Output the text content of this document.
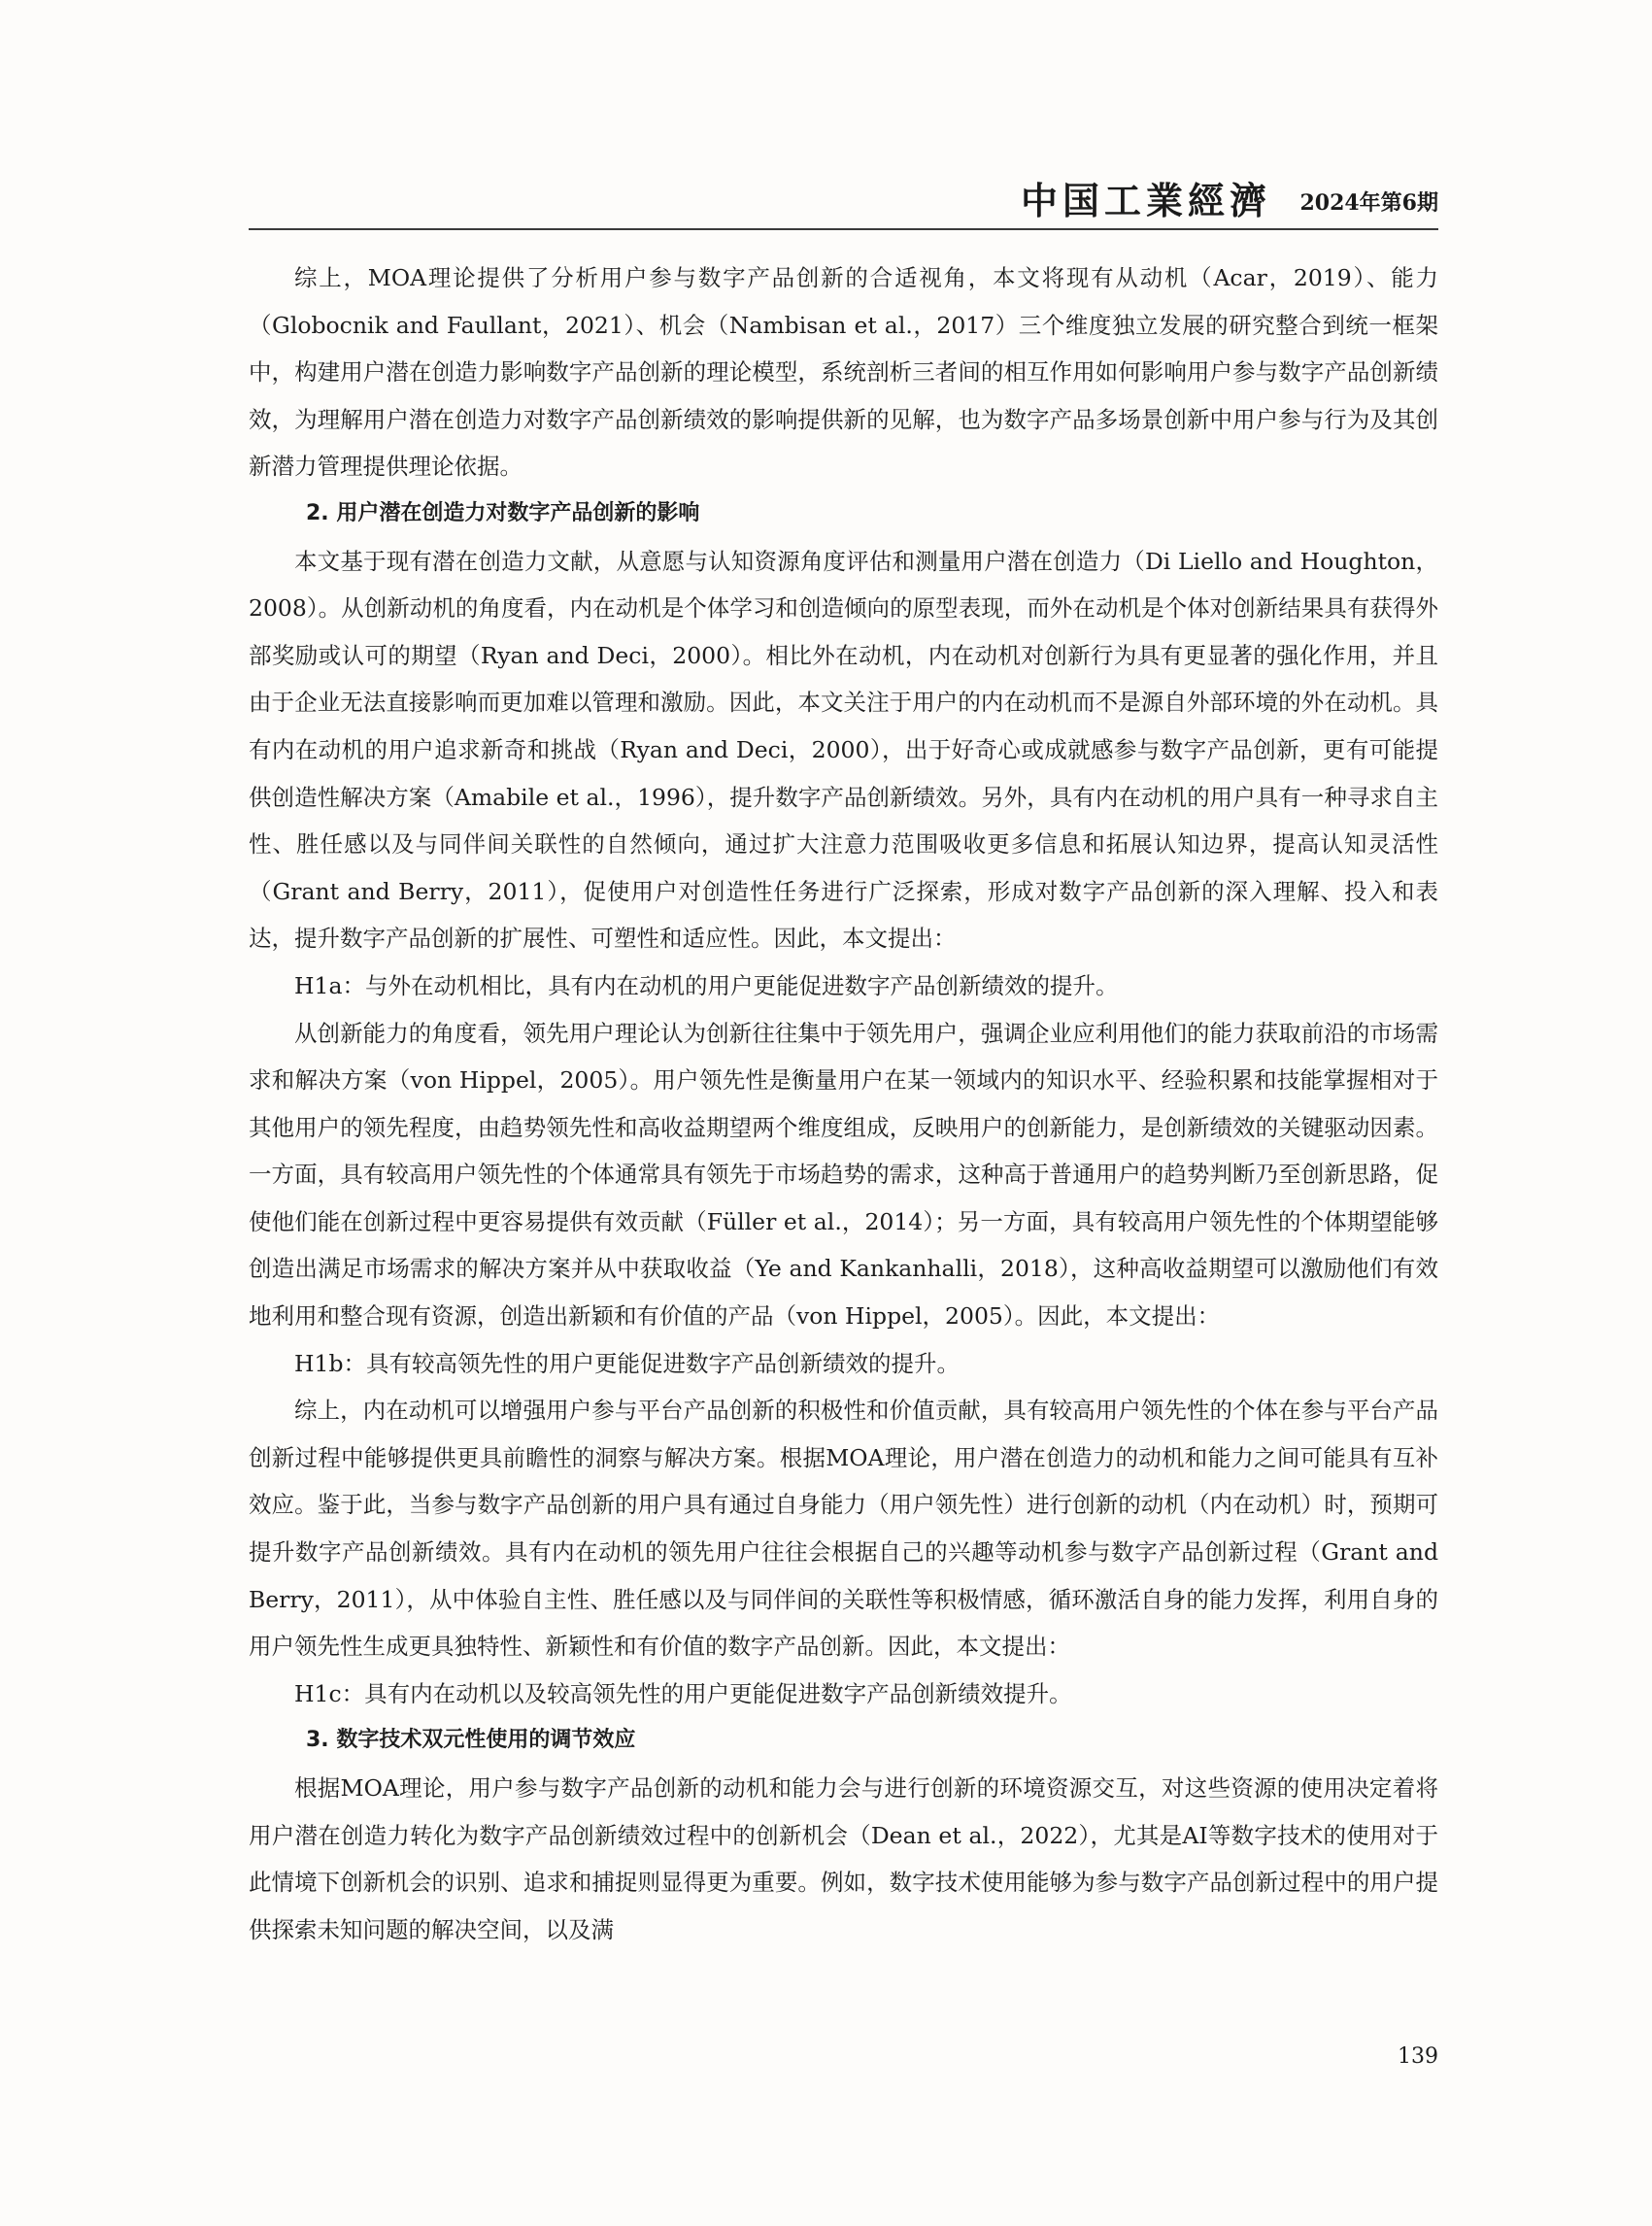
中国工業經濟 2024年第6期

综上，MOA理论提供了分析用户参与数字产品创新的合适视角，本文将现有从动机（Acar，2019）、能力（Globocnik and Faullant，2021）、机会（Nambisan et al.，2017）三个维度独立发展的研究整合到统一框架中，构建用户潜在创造力影响数字产品创新的理论模型，系统剖析三者间的相互作用如何影响用户参与数字产品创新绩效，为理解用户潜在创造力对数字产品创新绩效的影响提供新的见解，也为数字产品多场景创新中用户参与行为及其创新潜力管理提供理论依据。

2. 用户潜在创造力对数字产品创新的影响

本文基于现有潜在创造力文献，从意愿与认知资源角度评估和测量用户潜在创造力（Di Liello and Houghton，2008）。从创新动机的角度看，内在动机是个体学习和创造倾向的原型表现，而外在动机是个体对创新结果具有获得外部奖励或认可的期望（Ryan and Deci，2000）。相比外在动机，内在动机对创新行为具有更显著的强化作用，并且由于企业无法直接影响而更加难以管理和激励。因此，本文关注于用户的内在动机而不是源自外部环境的外在动机。具有内在动机的用户追求新奇和挑战（Ryan and Deci，2000），出于好奇心或成就感参与数字产品创新，更有可能提供创造性解决方案（Amabile et al.，1996），提升数字产品创新绩效。另外，具有内在动机的用户具有一种寻求自主性、胜任感以及与同伴间关联性的自然倾向，通过扩大注意力范围吸收更多信息和拓展认知边界，提高认知灵活性（Grant and Berry，2011），促使用户对创造性任务进行广泛探索，形成对数字产品创新的深入理解、投入和表达，提升数字产品创新的扩展性、可塑性和适应性。因此，本文提出：

H1a：与外在动机相比，具有内在动机的用户更能促进数字产品创新绩效的提升。

从创新能力的角度看，领先用户理论认为创新往往集中于领先用户，强调企业应利用他们的能力获取前沿的市场需求和解决方案（von Hippel，2005）。用户领先性是衡量用户在某一领域内的知识水平、经验积累和技能掌握相对于其他用户的领先程度，由趋势领先性和高收益期望两个维度组成，反映用户的创新能力，是创新绩效的关键驱动因素。一方面，具有较高用户领先性的个体通常具有领先于市场趋势的需求，这种高于普通用户的趋势判断乃至创新思路，促使他们能在创新过程中更容易提供有效贡献（Füller et al.，2014）；另一方面，具有较高用户领先性的个体期望能够创造出满足市场需求的解决方案并从中获取收益（Ye and Kankanhalli，2018），这种高收益期望可以激励他们有效地利用和整合现有资源，创造出新颖和有价值的产品（von Hippel，2005）。因此，本文提出：

H1b：具有较高领先性的用户更能促进数字产品创新绩效的提升。

综上，内在动机可以增强用户参与平台产品创新的积极性和价值贡献，具有较高用户领先性的个体在参与平台产品创新过程中能够提供更具前瞻性的洞察与解决方案。根据MOA理论，用户潜在创造力的动机和能力之间可能具有互补效应。鉴于此，当参与数字产品创新的用户具有通过自身能力（用户领先性）进行创新的动机（内在动机）时，预期可提升数字产品创新绩效。具有内在动机的领先用户往往会根据自己的兴趣等动机参与数字产品创新过程（Grant and Berry，2011），从中体验自主性、胜任感以及与同伴间的关联性等积极情感，循环激活自身的能力发挥，利用自身的用户领先性生成更具独特性、新颖性和有价值的数字产品创新。因此，本文提出：

H1c：具有内在动机以及较高领先性的用户更能促进数字产品创新绩效提升。

3. 数字技术双元性使用的调节效应

根据MOA理论，用户参与数字产品创新的动机和能力会与进行创新的环境资源交互，对这些资源的使用决定着将用户潜在创造力转化为数字产品创新绩效过程中的创新机会（Dean et al.，2022），尤其是AI等数字技术的使用对于此情境下创新机会的识别、追求和捕捉则显得更为重要。例如，数字技术使用能够为参与数字产品创新过程中的用户提供探索未知问题的解决空间，以及满

139
